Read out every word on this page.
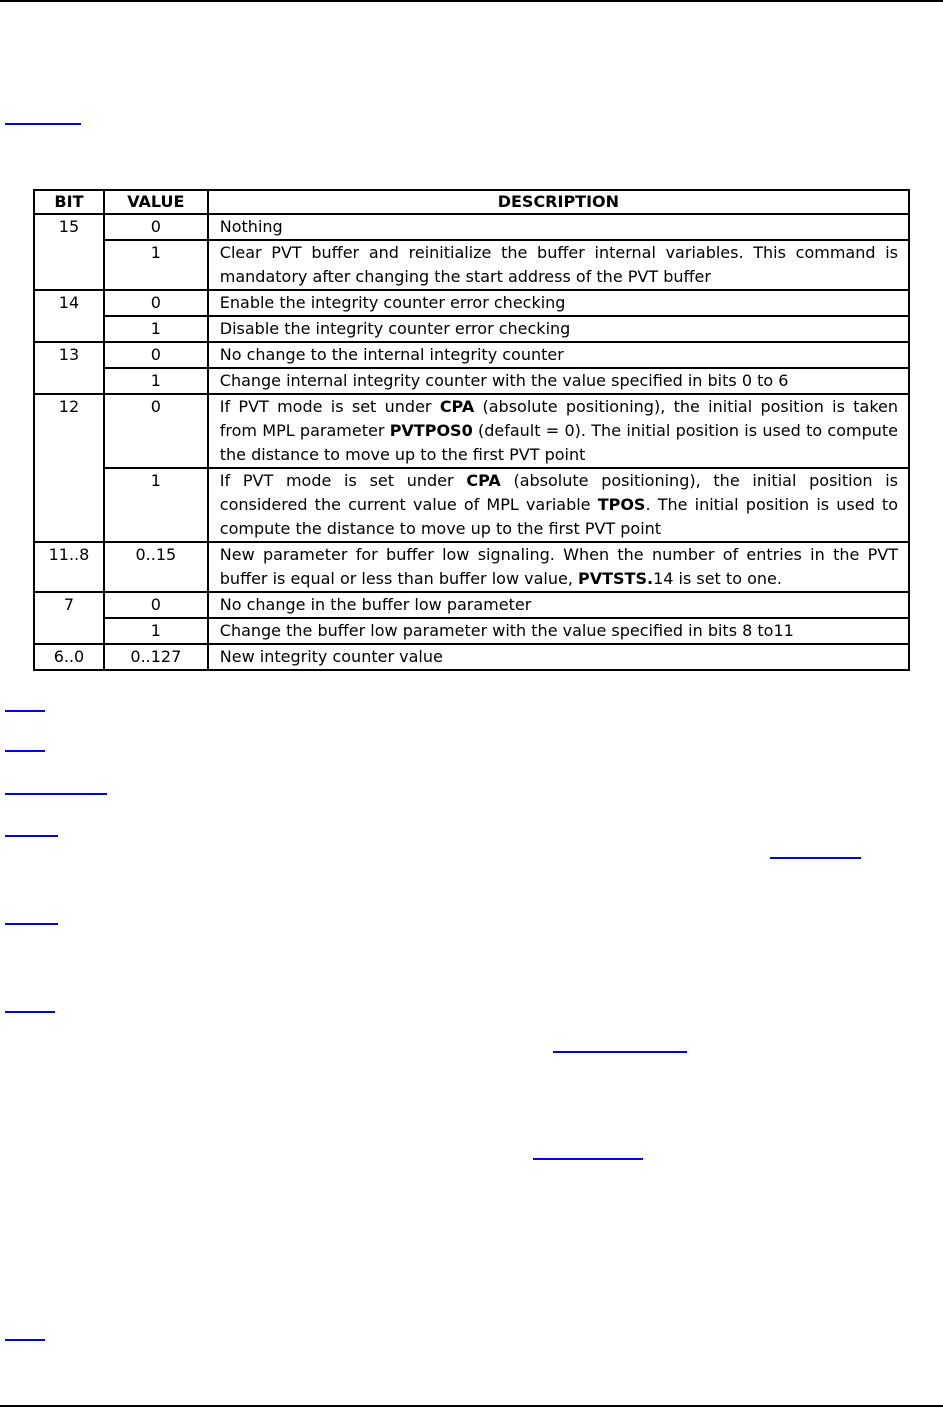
BIT	VALUE	DESCRIPTION
15	0	Nothing
	1	Clear PVT buffer and reinitialize the buffer internal variables. This command is mandatory after changing the start address of the PVT buffer
14	0	Enable the integrity counter error checking
	1	Disable the integrity counter error checking
13	0	No change to the internal integrity counter
	1	Change internal integrity counter with the value specified in bits 0 to 6
12	0	If PVT mode is set under CPA (absolute positioning), the initial position is taken from MPL parameter PVTPOS0 (default = 0). The initial position is used to compute the distance to move up to the first PVT point
	1	If PVT mode is set under CPA (absolute positioning), the initial position is considered the current value of MPL variable TPOS. The initial position is used to compute the distance to move up to the first PVT point
11..8	0..15	New parameter for buffer low signaling. When the number of entries in the PVT buffer is equal or less than buffer low value, PVTSTS.14 is set to one.
7	0	No change in the buffer low parameter
	1	Change the buffer low parameter with the value specified in bits 8 to11
6..0	0..127	New integrity counter value
